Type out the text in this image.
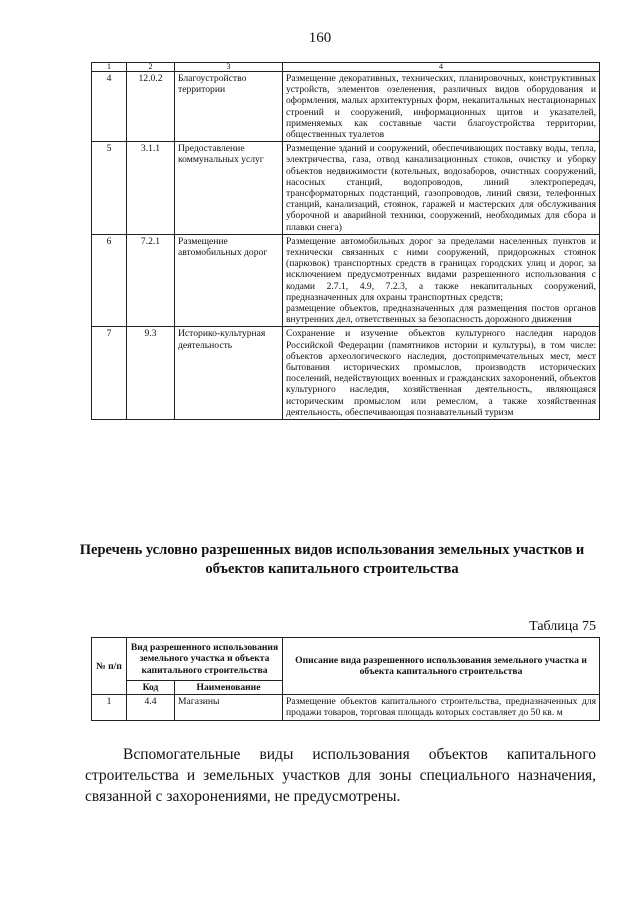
160
1	2	3	4
4	12.0.2	Благоустройство территории	Размещение декоративных, технических, планировочных, конструктивных устройств, элементов озеленения, различных видов оборудования и оформления, малых архитектурных форм, некапитальных нестационарных строений и сооружений, информационных щитов и указателей, применяемых как составные части благоустройства территории, общественных туалетов
5	3.1.1	Предоставление коммунальных услуг	Размещение зданий и сооружений, обеспечивающих поставку воды, тепла, электричества, газа, отвод канализационных стоков, очистку и уборку объектов недвижимости (котельных, водозаборов, очистных сооружений, насосных станций, водопроводов, линий электропередач, трансформаторных подстанций, газопроводов, линий связи, телефонных станций, канализаций, стоянок, гаражей и мастерских для обслуживания уборочной и аварийной техники, сооружений, необходимых для сбора и плавки снега)
6	7.2.1	Размещение автомобильных дорог	Размещение автомобильных дорог за пределами населенных пунктов и технически связанных с ними сооружений, придорожных стоянок (парковок) транспортных средств в границах городских улиц и дорог, за исключением предусмотренных видами разрешенного использования с кодами 2.7.1, 4.9, 7.2.3, а также некапитальных сооружений, предназначенных для охраны транспортных средств;
размещение объектов, предназначенных для размещения постов органов внутренних дел, ответственных за безопасность дорожного движения

7	9.3	Историко-культурная деятельность	Сохранение и изучение объектов культурного наследия народов Российской Федерации (памятников истории и культуры), в том числе: объектов археологического наследия, достопримечательных мест, мест бытования исторических промыслов, производств исторических поселений, недействующих военных и гражданских захоронений, объектов культурного наследия, хозяйственная деятельность, являющаяся историческим промыслом или ремеслом, а также хозяйственная деятельность, обеспечивающая познавательный туризм
Перечень условно разрешенных видов использования земельных участков и объектов капитального строительства
Таблица 75
№ п/п	Вид разрешенного использования земельного участка и объекта капитального строительства		Описание вида разрешенного использования земельного участка и объекта капитального строительства
	Код	Наименование	
1	4.4	Магазины	Размещение объектов капитального строительства, предназначенных для продажи товаров, торговая площадь которых составляет до 50 кв. м
Вспомогательные виды использования объектов капитального строительства и земельных участков для зоны специального назначения, связанной с захоронениями, не предусмотрены.
